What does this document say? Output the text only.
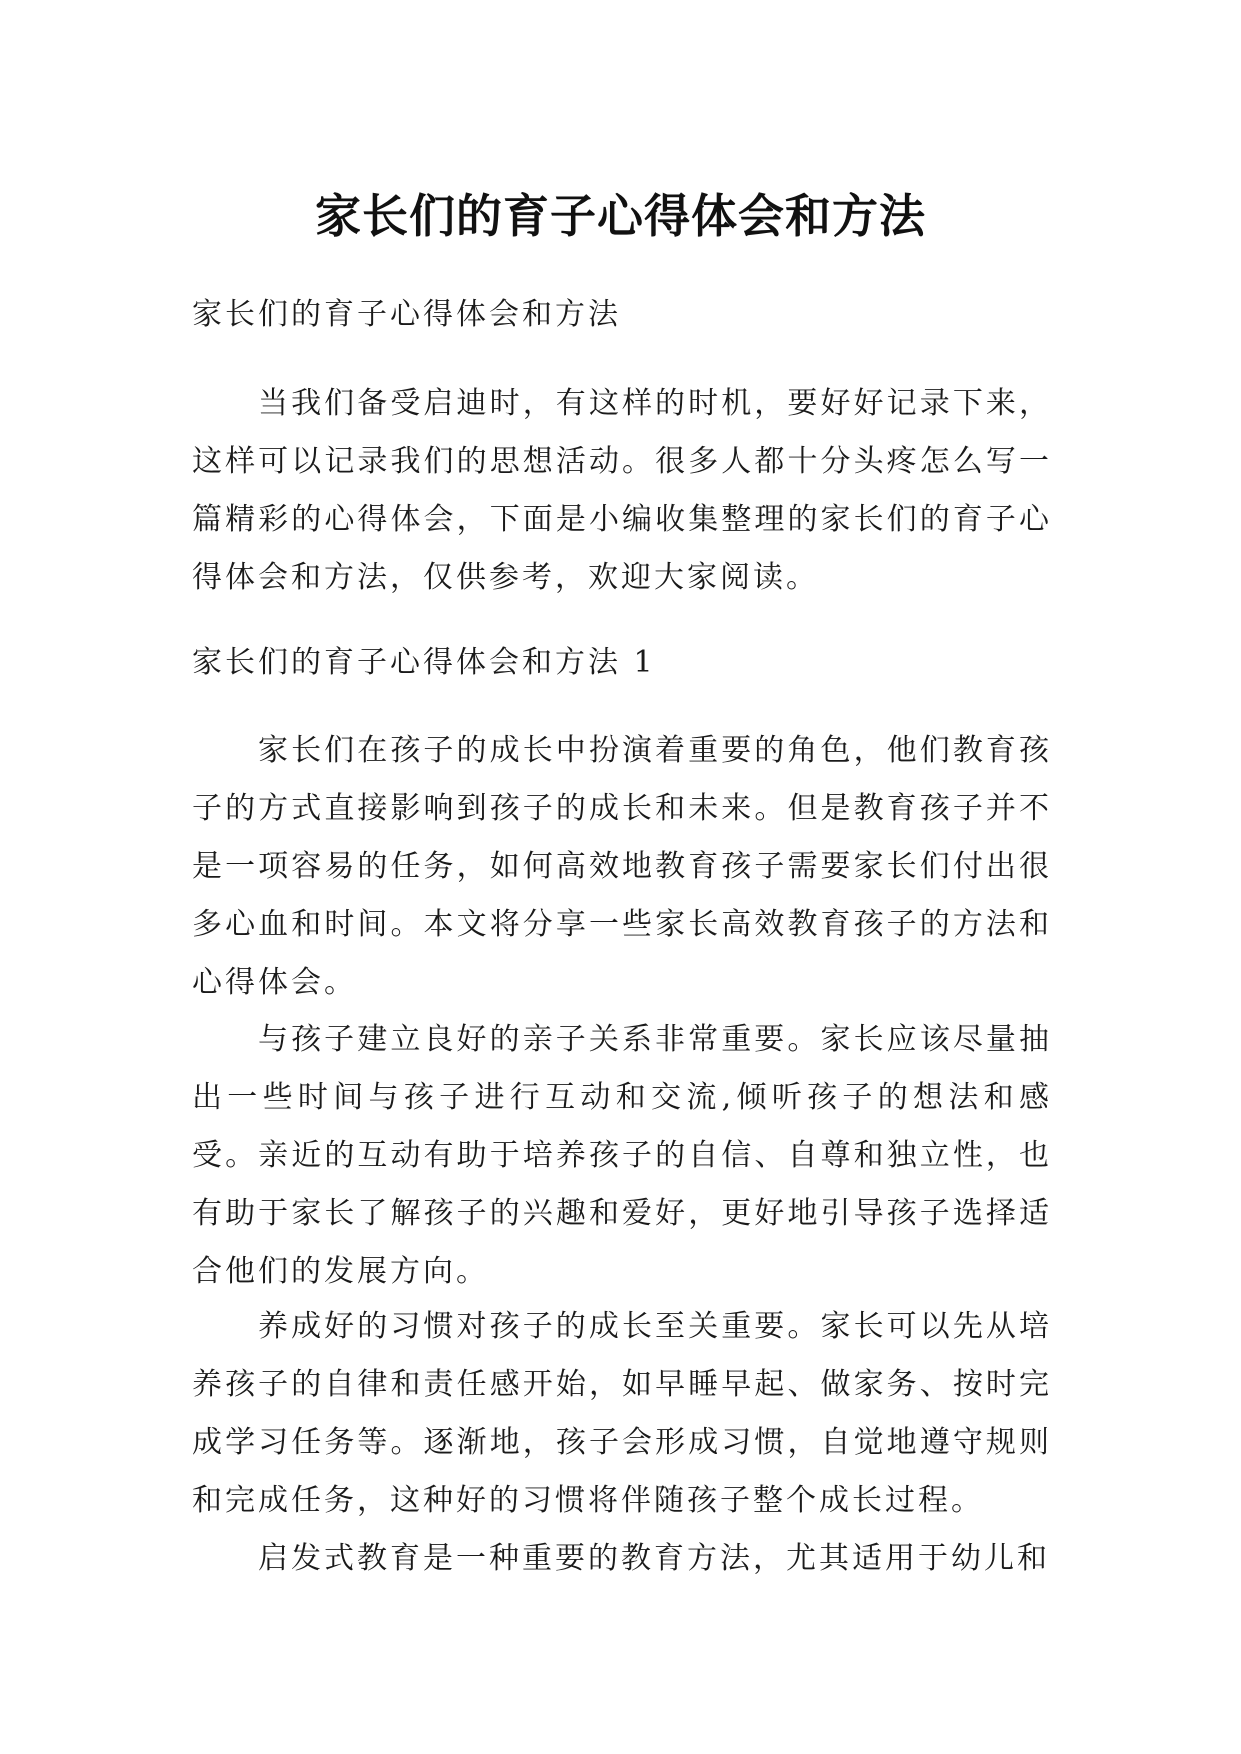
家长们的育子心得体会和方法
家长们的育子心得体会和方法

当我们备受启迪时，有这样的时机，要好好记录下来，这样可以记录我们的思想活动。很多人都十分头疼怎么写一篇精彩的心得体会，下面是小编收集整理的家长们的育子心得体会和方法，仅供参考，欢迎大家阅读。

家长们的育子心得体会和方法 1

家长们在孩子的成长中扮演着重要的角色，他们教育孩子的方式直接影响到孩子的成长和未来。但是教育孩子并不是一项容易的任务，如何高效地教育孩子需要家长们付出很多心血和时间。本文将分享一些家长高效教育孩子的方法和心得体会。

与孩子建立良好的亲子关系非常重要。家长应该尽量抽出一些时间与孩子进行互动和交流,倾听孩子的想法和感受。亲近的互动有助于培养孩子的自信、自尊和独立性，也有助于家长了解孩子的兴趣和爱好，更好地引导孩子选择适合他们的发展方向。

养成好的习惯对孩子的成长至关重要。家长可以先从培养孩子的自律和责任感开始，如早睡早起、做家务、按时完成学习任务等。逐渐地，孩子会形成习惯，自觉地遵守规则和完成任务，这种好的习惯将伴随孩子整个成长过程。

启发式教育是一种重要的教育方法，尤其适用于幼儿和
